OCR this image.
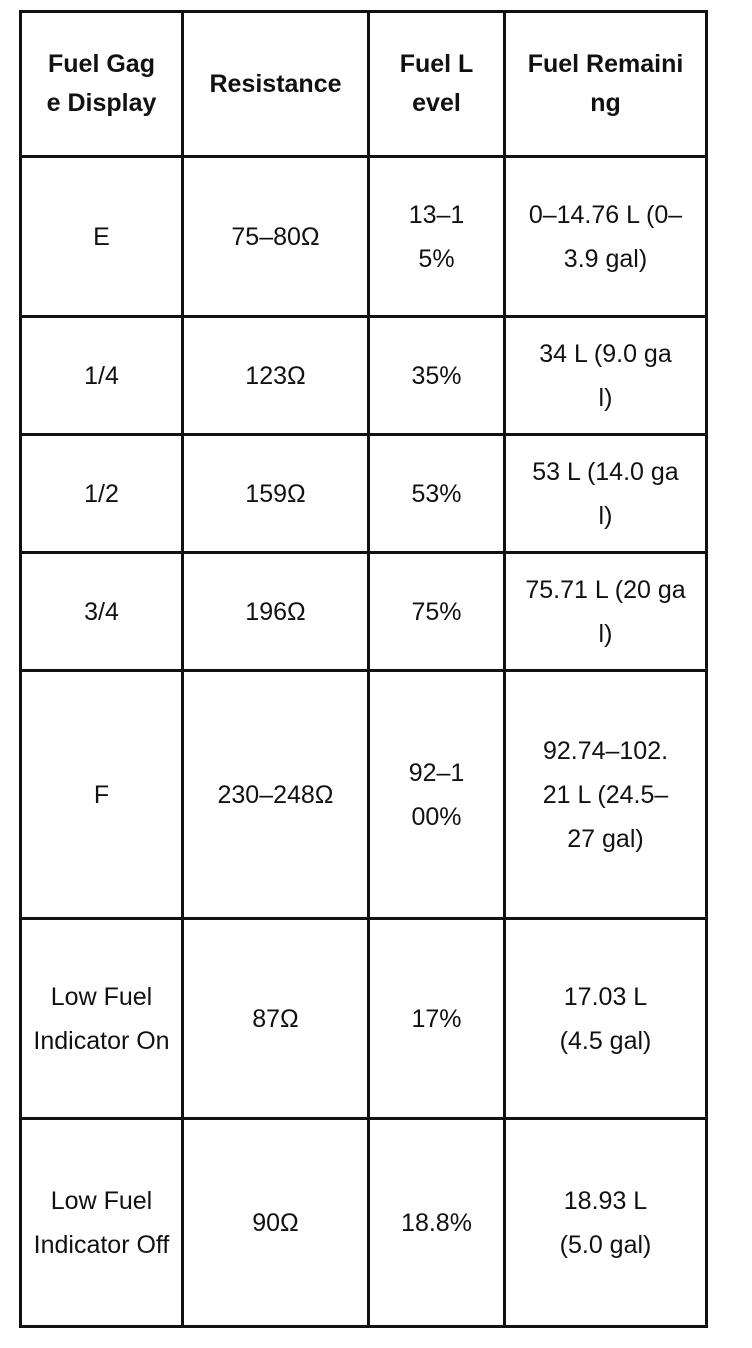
Fuel Gage Display	Resistance	Fuel Level	Fuel Remaining
E	75–80Ω	13–15%	0–14.76 L (0–3.9 gal)
1/4	123Ω	35%	34 L (9.0 gal)
1/2	159Ω	53%	53 L (14.0 gal)
3/4	196Ω	75%	75.71 L (20 gal)
F	230–248Ω	92–100%	92.74–102.21 L (24.5–27 gal)
Low Fuel Indicator On	87Ω	17%	17.03 L (4.5 gal)
Low Fuel Indicator Off	90Ω	18.8%	18.93 L (5.0 gal)
